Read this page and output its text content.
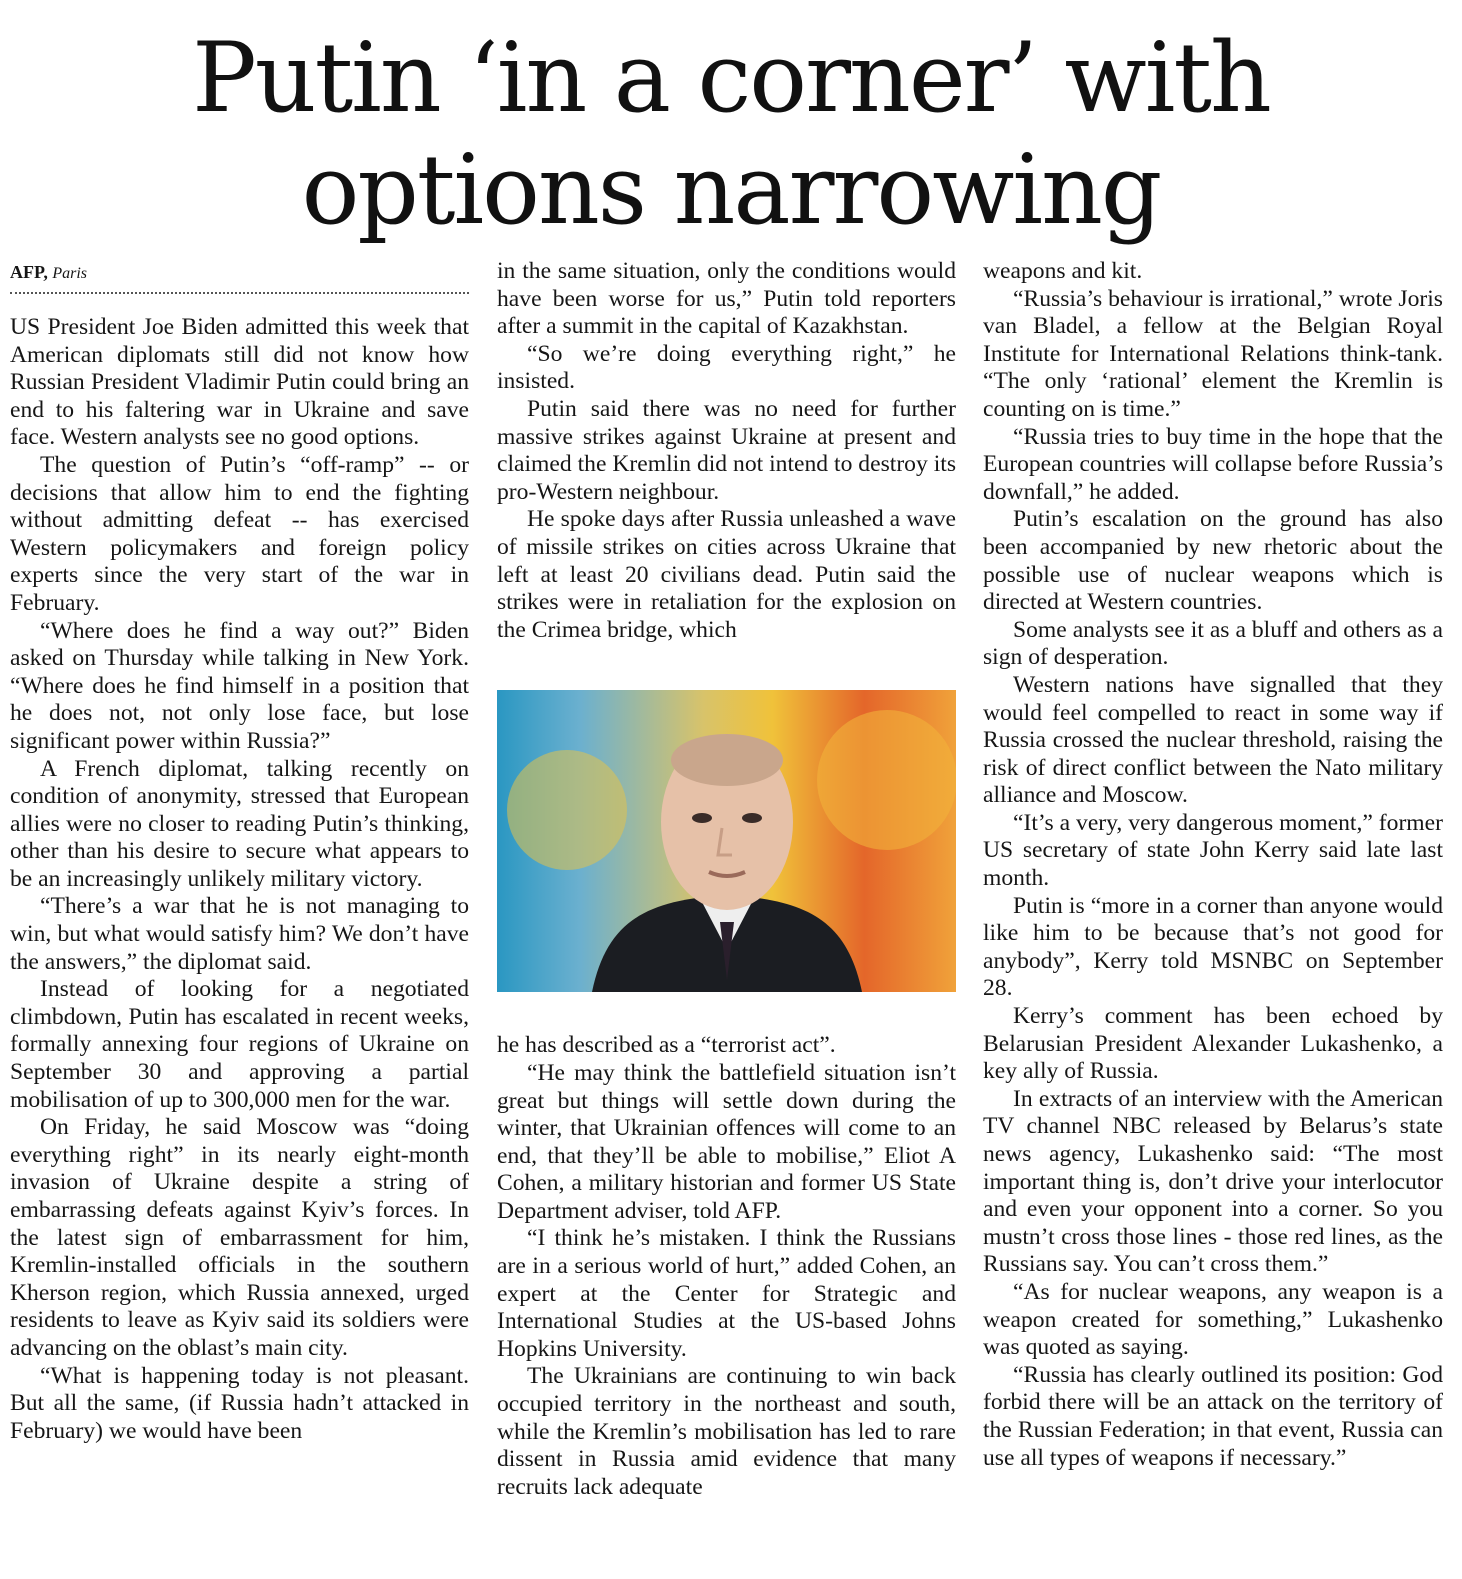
Putin ‘in a corner’ with
options narrowing

AFP, Paris

US President Joe Biden admitted this week that American diplomats still did not know how Russian President Vladimir Putin could bring an end to his faltering war in Ukraine and save face. Western analysts see no good options.

The question of Putin’s “off-ramp” -- or decisions that allow him to end the fighting without admitting defeat -- has exercised Western policymakers and foreign policy experts since the very start of the war in February.

“Where does he find a way out?” Biden asked on Thursday while talking in New York. “Where does he find himself in a position that he does not, not only lose face, but lose significant power within Russia?”

A French diplomat, talking recently on condition of anonymity, stressed that European allies were no closer to reading Putin’s thinking, other than his desire to secure what appears to be an increasingly unlikely military victory.

“There’s a war that he is not managing to win, but what would satisfy him? We don’t have the answers,” the diplomat said.

Instead of looking for a negotiated climbdown, Putin has escalated in recent weeks, formally annexing four regions of Ukraine on September 30 and approving a partial mobilisation of up to 300,000 men for the war.

On Friday, he said Moscow was “doing everything right” in its nearly eight-month invasion of Ukraine despite a string of embarrassing defeats against Kyiv’s forces. In the latest sign of embarrassment for him, Kremlin-installed officials in the southern Kherson region, which Russia annexed, urged residents to leave as Kyiv said its soldiers were advancing on the oblast’s main city.

“What is happening today is not pleasant. But all the same, (if Russia hadn’t attacked in February) we would have been

in the same situation, only the conditions would have been worse for us,” Putin told reporters after a summit in the capital of Kazakhstan.

“So we’re doing everything right,” he insisted.

Putin said there was no need for further massive strikes against Ukraine at present and claimed the Kremlin did not intend to destroy its pro-Western neighbour.

He spoke days after Russia unleashed a wave of missile strikes on cities across Ukraine that left at least 20 civilians dead. Putin said the strikes were in retaliation for the explosion on the Crimea bridge, which

he has described as a “terrorist act”.

“He may think the battlefield situation isn’t great but things will settle down during the winter, that Ukrainian offences will come to an end, that they’ll be able to mobilise,” Eliot A Cohen, a military historian and former US State Department adviser, told AFP.

“I think he’s mistaken. I think the Russians are in a serious world of hurt,” added Cohen, an expert at the Center for Strategic and International Studies at the US-based Johns Hopkins University.

The Ukrainians are continuing to win back occupied territory in the northeast and south, while the Kremlin’s mobilisation has led to rare dissent in Russia amid evidence that many recruits lack adequate

weapons and kit.

“Russia’s behaviour is irrational,” wrote Joris van Bladel, a fellow at the Belgian Royal Institute for International Relations think-tank. “The only ‘rational’ element the Kremlin is counting on is time.”

“Russia tries to buy time in the hope that the European countries will collapse before Russia’s downfall,” he added.

Putin’s escalation on the ground has also been accompanied by new rhetoric about the possible use of nuclear weapons which is directed at Western countries.

Some analysts see it as a bluff and others as a sign of desperation.

Western nations have signalled that they would feel compelled to react in some way if Russia crossed the nuclear threshold, raising the risk of direct conflict between the Nato military alliance and Moscow.

“It’s a very, very dangerous moment,” former US secretary of state John Kerry said late last month.

Putin is “more in a corner than anyone would like him to be because that’s not good for anybody”, Kerry told MSNBC on September 28.

Kerry’s comment has been echoed by Belarusian President Alexander Lukashenko, a key ally of Russia.

In extracts of an interview with the American TV channel NBC released by Belarus’s state news agency, Lukashenko said: “The most important thing is, don’t drive your interlocutor and even your opponent into a corner. So you mustn’t cross those lines - those red lines, as the Russians say. You can’t cross them.”

“As for nuclear weapons, any weapon is a weapon created for something,” Lukashenko was quoted as saying.

“Russia has clearly outlined its position: God forbid there will be an attack on the territory of the Russian Federation; in that event, Russia can use all types of weapons if necessary.”
